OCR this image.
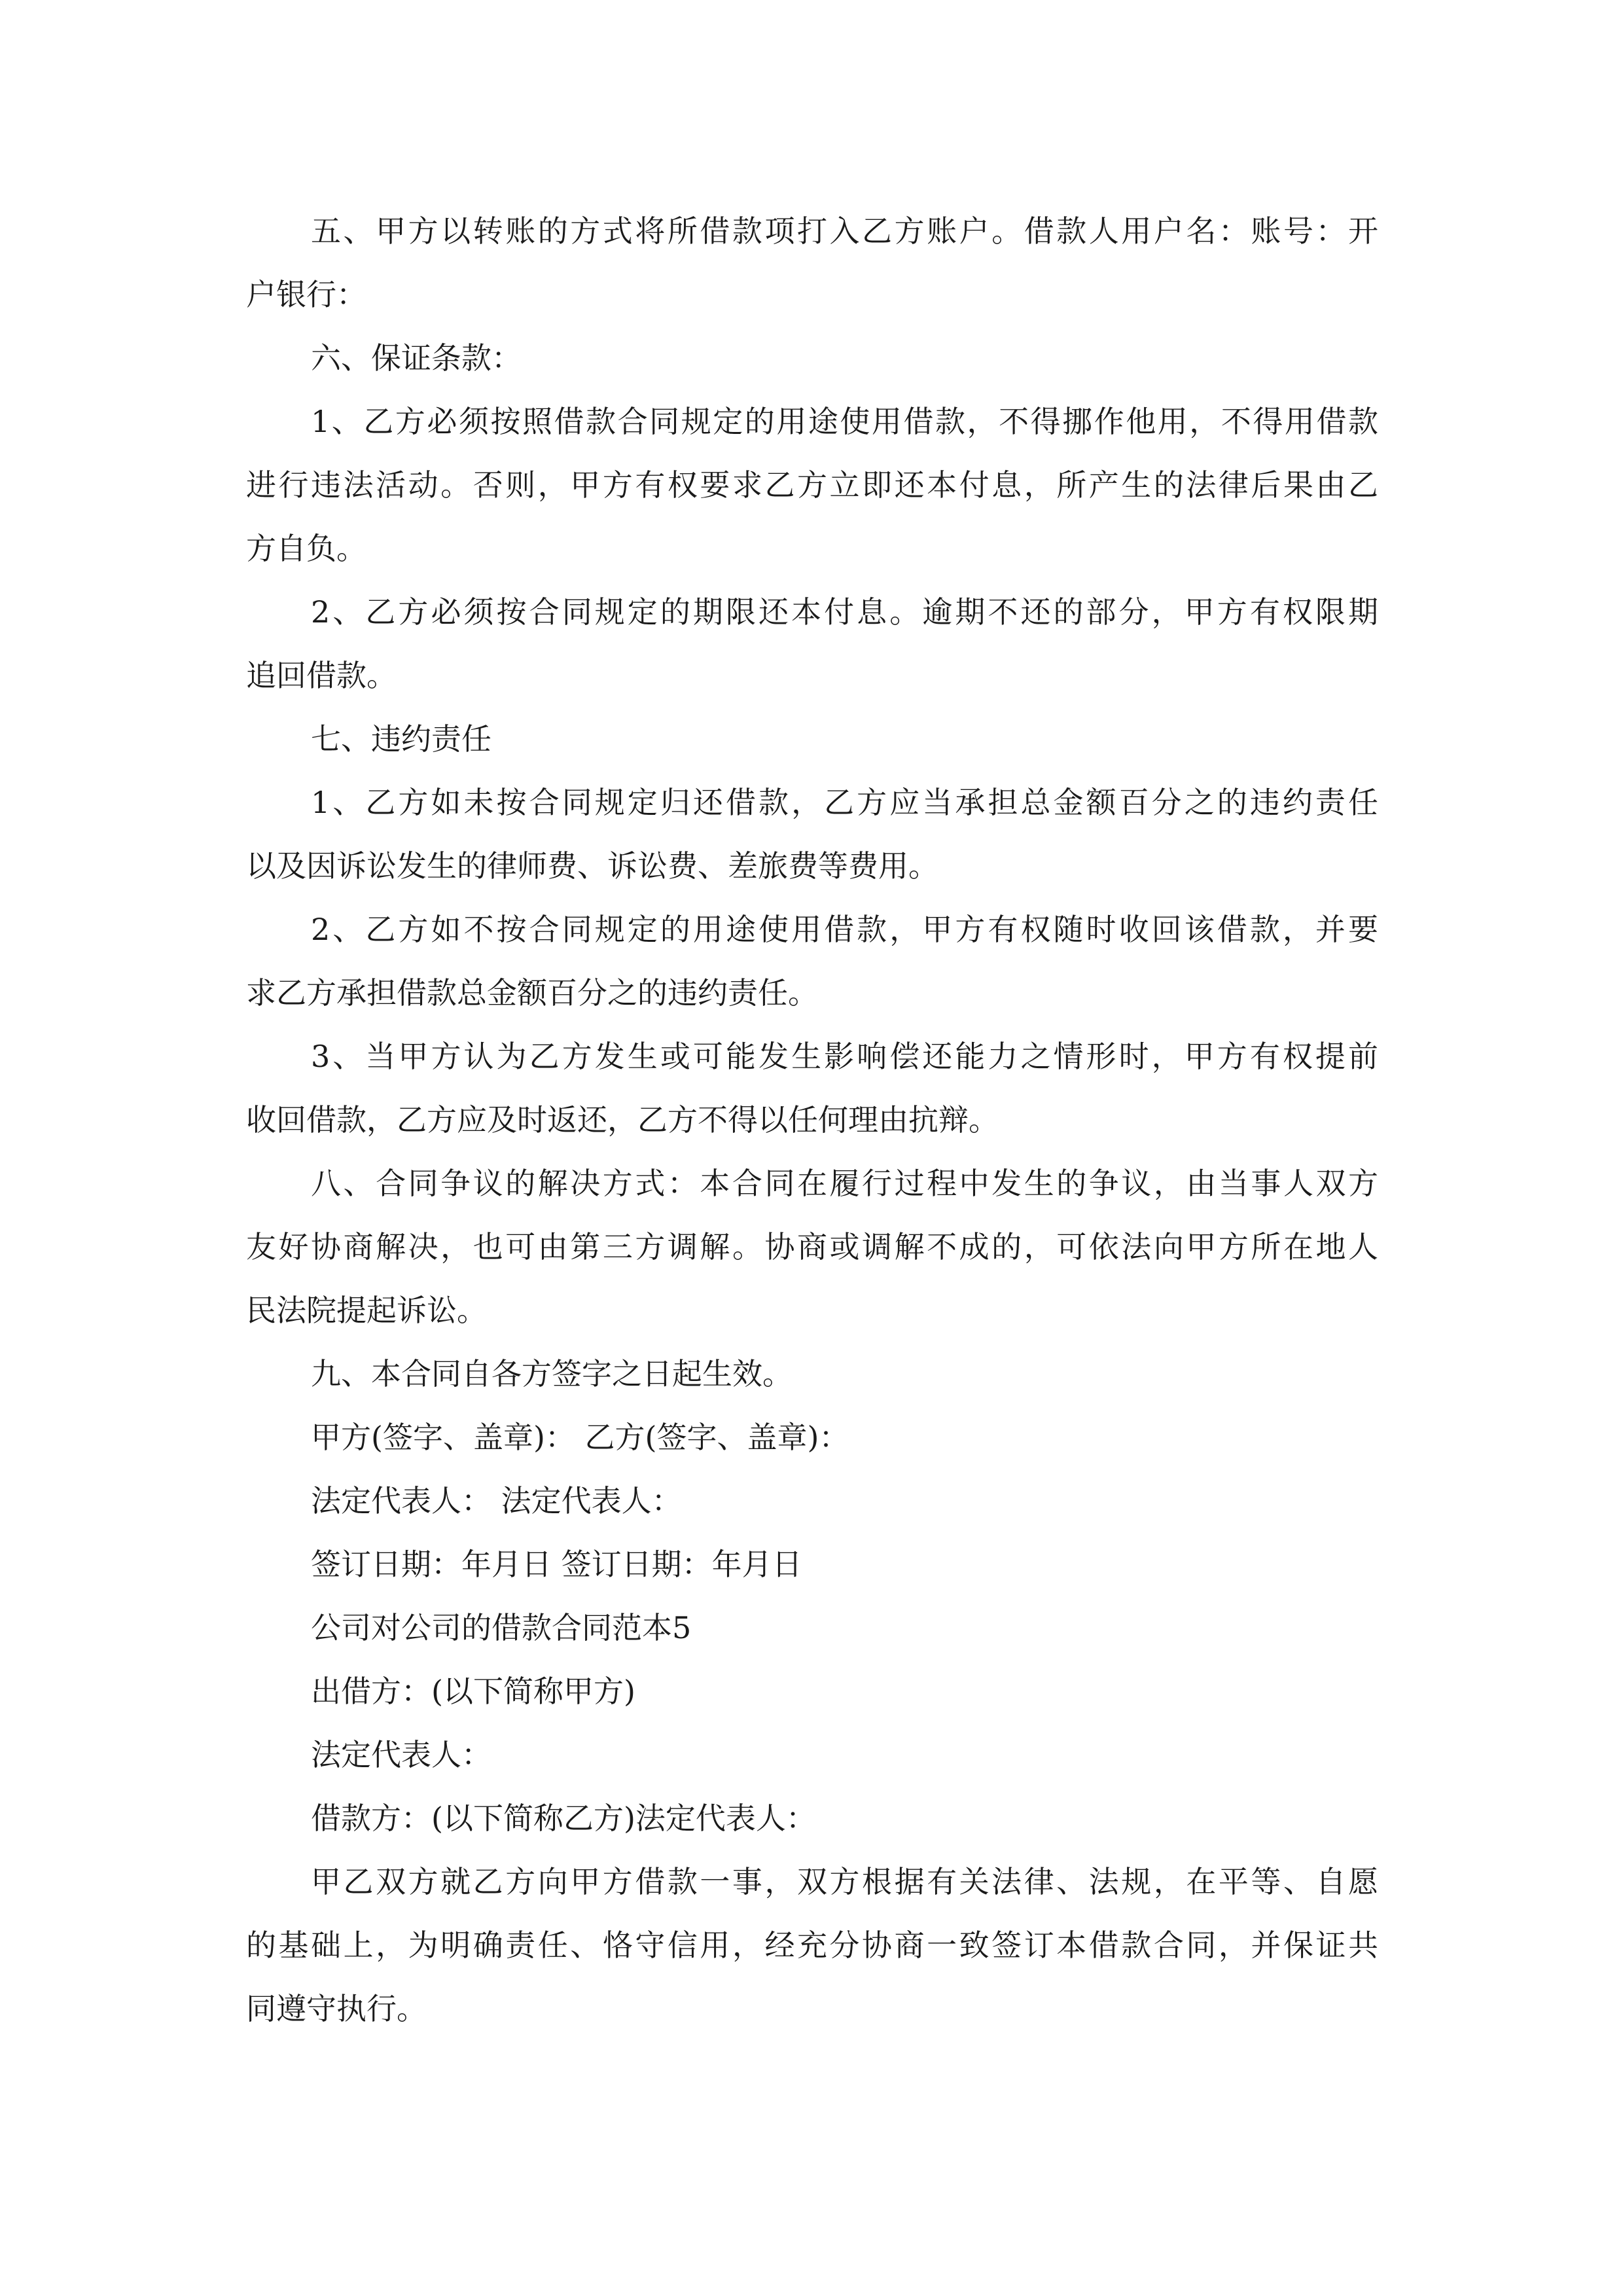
五、甲方以转账的方式将所借款项打入乙方账户。借款人用户名：账号：开
户银行：
六、保证条款：
1、乙方必须按照借款合同规定的用途使用借款，不得挪作他用，不得用借款
进行违法活动。否则，甲方有权要求乙方立即还本付息，所产生的法律后果由乙
方自负。
2、乙方必须按合同规定的期限还本付息。逾期不还的部分，甲方有权限期
追回借款。
七、违约责任
1、乙方如未按合同规定归还借款，乙方应当承担总金额百分之的违约责任
以及因诉讼发生的律师费、诉讼费、差旅费等费用。
2、乙方如不按合同规定的用途使用借款，甲方有权随时收回该借款，并要
求乙方承担借款总金额百分之的违约责任。
3、当甲方认为乙方发生或可能发生影响偿还能力之情形时，甲方有权提前
收回借款，乙方应及时返还，乙方不得以任何理由抗辩。
八、合同争议的解决方式：本合同在履行过程中发生的争议，由当事人双方
友好协商解决，也可由第三方调解。协商或调解不成的，可依法向甲方所在地人
民法院提起诉讼。
九、本合同自各方签字之日起生效。
甲方(签字、盖章)： 乙方(签字、盖章)：
法定代表人： 法定代表人：
签订日期：年月日 签订日期：年月日
公司对公司的借款合同范本5
出借方：(以下简称甲方)
法定代表人：
借款方：(以下简称乙方)法定代表人：
甲乙双方就乙方向甲方借款一事，双方根据有关法律、法规，在平等、自愿
的基础上，为明确责任、恪守信用，经充分协商一致签订本借款合同，并保证共
同遵守执行。
